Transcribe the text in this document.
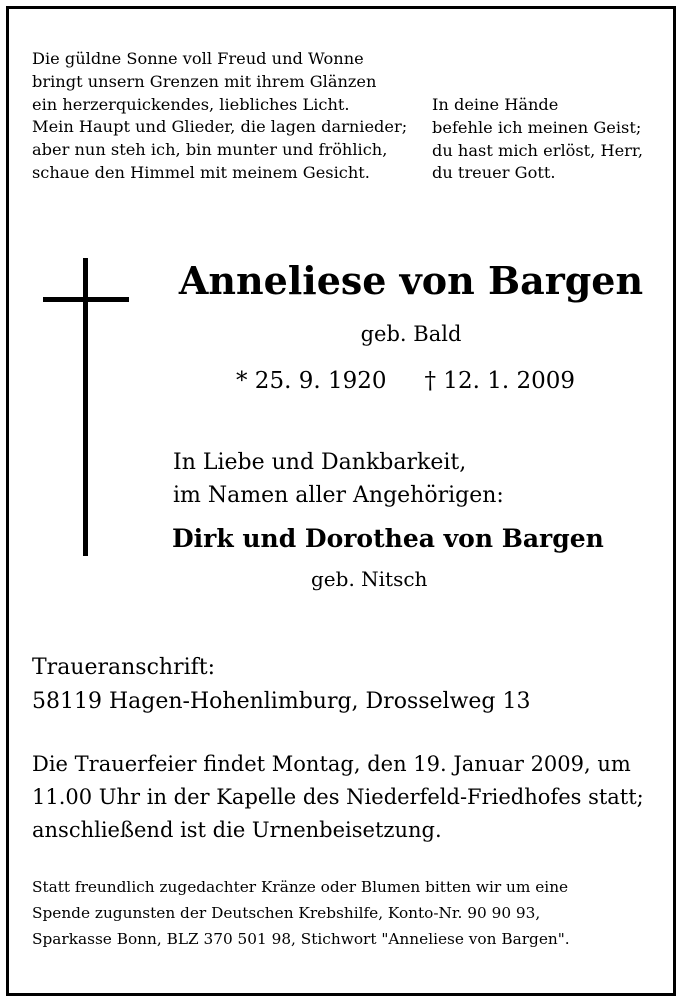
Die güldne Sonne voll Freud und Wonne
bringt unsern Grenzen mit ihrem Glänzen
ein herzerquickendes, liebliches Licht.
Mein Haupt und Glieder, die lagen darnieder;
aber nun steh ich, bin munter und fröhlich,
schaue den Himmel mit meinem Gesicht.
In deine Hände
befehle ich meinen Geist;
du hast mich erlöst, Herr,
du treuer Gott.
Anneliese von Bargen
geb. Bald
* 25. 9. 1920 † 12. 1. 2009
In Liebe und Dankbarkeit,
im Namen aller Angehörigen:
Dirk und Dorothea von Bargen
geb. Nitsch
Traueranschrift:
58119 Hagen-Hohenlimburg, Drosselweg 13
Die Trauerfeier findet Montag, den 19. Januar 2009, um
11.00 Uhr in der Kapelle des Niederfeld-Friedhofes statt;
anschließend ist die Urnenbeisetzung.
Statt freundlich zugedachter Kränze oder Blumen bitten wir um eine
Spende zugunsten der Deutschen Krebshilfe, Konto-Nr. 90 90 93,
Sparkasse Bonn, BLZ 370 501 98, Stichwort "Anneliese von Bargen".
